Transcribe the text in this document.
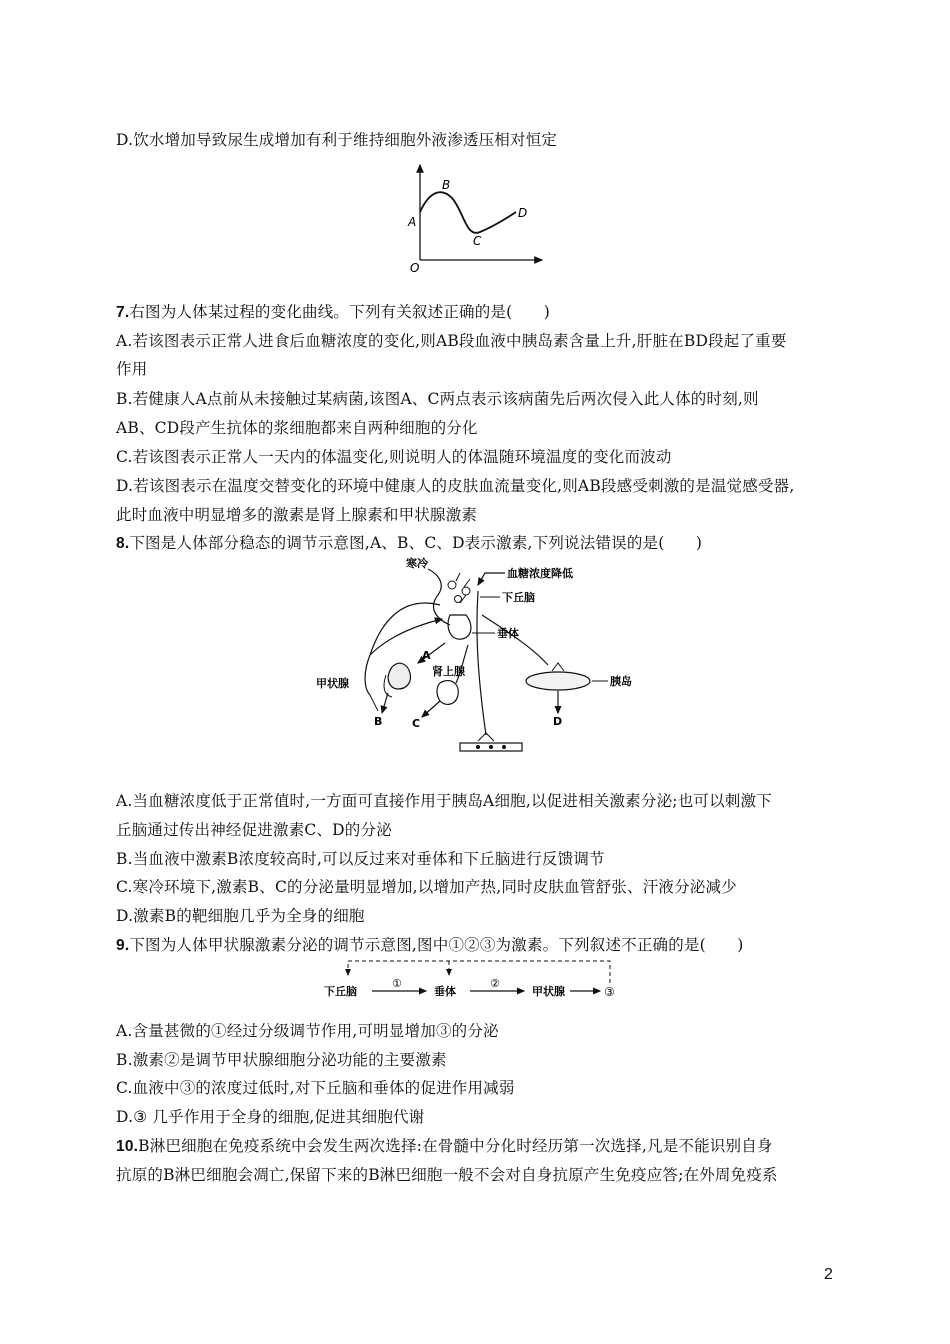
D.饮水增加导致尿生成增加有利于维持细胞外液渗透压相对恒定
A
B
C
D
O
7.右图为人体某过程的变化曲线。下列有关叙述正确的是(　　)
A.若该图表示正常人进食后血糖浓度的变化,则AB段血液中胰岛素含量上升,肝脏在BD段起了重要
作用
B.若健康人A点前从未接触过某病菌,该图A、C两点表示该病菌先后两次侵入此人体的时刻,则
AB、CD段产生抗体的浆细胞都来自两种细胞的分化
C.若该图表示正常人一天内的体温变化,则说明人的体温随环境温度的变化而波动
D.若该图表示在温度交替变化的环境中健康人的皮肤血流量变化,则AB段感受刺激的是温觉感受器,
此时血液中明显增多的激素是肾上腺素和甲状腺激素
8.下图是人体部分稳态的调节示意图,A、B、C、D表示激素,下列说法错误的是(　　)
寒冷
血糖浓度降低
下丘脑
垂体
A
肾上腺
甲状腺	胰岛
B	C	D
A.当血糖浓度低于正常值时,一方面可直接作用于胰岛A细胞,以促进相关激素分泌;也可以刺激下
丘脑通过传出神经促进激素C、D的分泌
B.当血液中激素B浓度较高时,可以反过来对垂体和下丘脑进行反馈调节
C.寒冷环境下,激素B、C的分泌量明显增加,以增加产热,同时皮肤血管舒张、汗液分泌减少
D.激素B的靶细胞几乎为全身的细胞
9.下图为人体甲状腺激素分泌的调节示意图,图中①②③为激素。下列叙述不正确的是(　　)
下丘脑
①
垂体
②
甲状腺	③
A.含量甚微的①经过分级调节作用,可明显增加③的分泌
B.激素②是调节甲状腺细胞分泌功能的主要激素
C.血液中③的浓度过低时,对下丘脑和垂体的促进作用减弱
D.③ 几乎作用于全身的细胞,促进其细胞代谢
10.B淋巴细胞在免疫系统中会发生两次选择:在骨髓中分化时经历第一次选择,凡是不能识别自身
抗原的B淋巴细胞会凋亡,保留下来的B淋巴细胞一般不会对自身抗原产生免疫应答;在外周免疫系
2
